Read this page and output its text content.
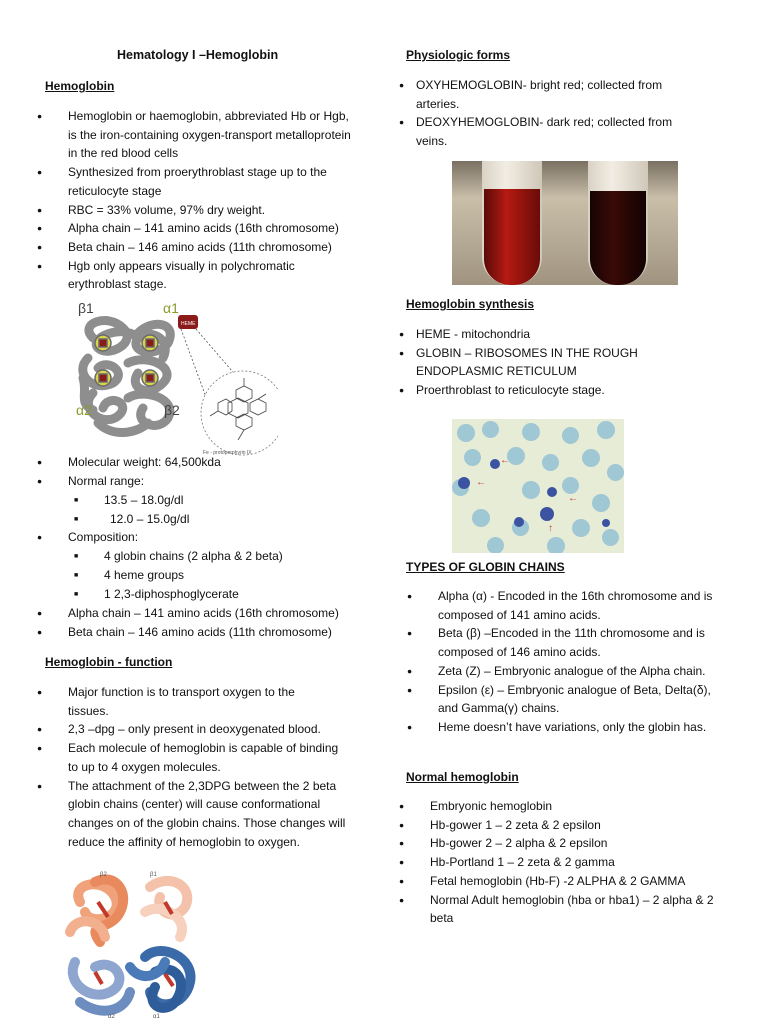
Hematology I –Hemoglobin
Hemoglobin
● Hemoglobin or haemoglobin, abbreviated Hb or Hgb, is the iron-containing oxygen-transport metalloprotein in the red blood cells
● Synthesized from proerythroblast stage up to the reticulocyte stage
● RBC = 33% volume, 97% dry weight.
● Alpha chain – 141 amino acids (16th chromosome)
● Beta chain – 146 amino acids (11th chromosome)
● Hgb only appears visually in polychromatic erythroblast stage.
HEME
β1	α1
α2	β2
Fe - protoporphyrin IX
● Molecular weight: 64,500kda
● Normal range:
■ 13.5 – 18.0g/dl
■ 12.0 – 15.0g/dl
● Composition:
■ 4 globin chains (2 alpha & 2 beta)
■ 4 heme groups
■ 1 2,3-diphosphoglycerate
● Alpha chain – 141 amino acids (16th chromosome)
● Beta chain – 146 amino acids (11th chromosome)
Hemoglobin - function
● Major function is to transport oxygen to the tissues.
● 2,3 –dpg – only present in deoxygenated blood.
● Each molecule of hemoglobin is capable of binding to up to 4 oxygen molecules.
● The attachment of the 2,3DPG between the 2 beta globin chains (center) will cause conformational changes on of the globin chains. Those changes will reduce the affinity of hemoglobin to oxygen.
β2	β1
α2	α1
Physiologic forms
● OXYHEMOGLOBIN- bright red; collected from arteries.
● DEOXYHEMOGLOBIN- dark red; collected from veins.
Hemoglobin synthesis
● HEME - mitochondria
● GLOBIN – RIBOSOMES IN THE ROUGH ENDOPLASMIC RETICULUM
● Proerthroblast to reticulocyte stage.
←
←
↑
←
TYPES OF GLOBIN CHAINS
● Alpha (α) - Encoded in the 16th chromosome and is composed of 141 amino acids.
● Beta (β) –Encoded in the 11th chromosome and is composed of 146 amino acids.
● Zeta (Z) – Embryonic analogue of the Alpha chain.
● Epsilon (ε) – Embryonic analogue of Beta, Delta(δ), and Gamma(γ) chains.
● Heme doesn’t have variations, only the globin has.
Normal hemoglobin
● Embryonic hemoglobin
● Hb-gower 1 – 2 zeta & 2 epsilon
● Hb-gower 2 – 2 alpha & 2 epsilon
● Hb-Portland 1 – 2 zeta & 2 gamma
● Fetal hemoglobin (Hb-F) -2 ALPHA & 2 GAMMA
● Normal Adult hemoglobin (hba or hba1) – 2 alpha & 2 beta
